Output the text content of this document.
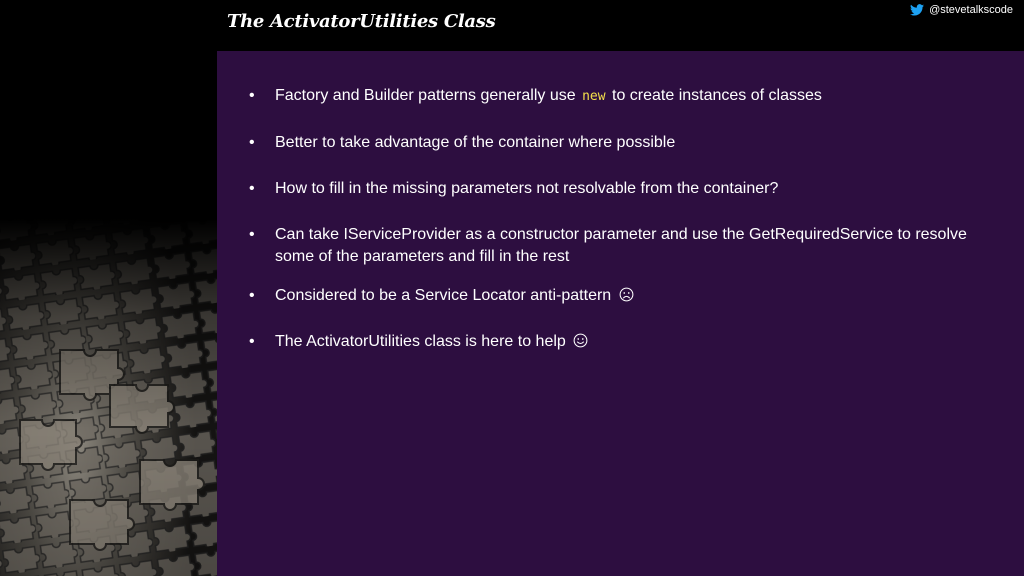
The ActivatorUtilities Class
@stevetalkscode
•	Factory and Builder patterns generally use new to create instances of classes
•	Better to take advantage of the container where possible
•	How to fill in the missing parameters not resolvable from the container?
•	Can take IServiceProvider as a constructor parameter and use the GetRequiredService to resolve some of the parameters and fill in the rest
•	Considered to be a Service Locator anti-pattern
•	The ActivatorUtilities class is here to help
